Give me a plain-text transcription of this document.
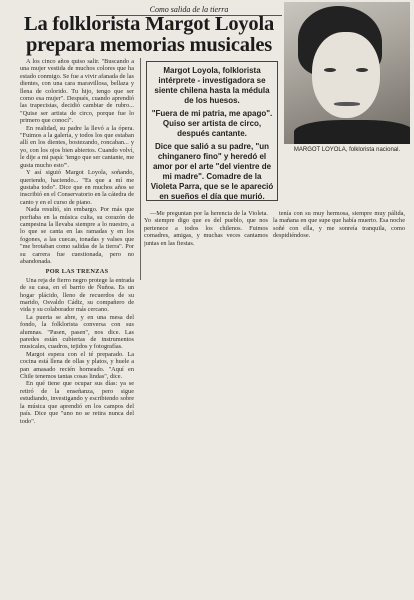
Como salida de la tierra
La folklorista Margot Loyola prepara memorias musicales
MARGOT LOYOLA, folklorista nacional.

A los cinco años quiso salir. "Buscando a una mujer vestida de muchos colores que ha estado conmigo. Se fue a vivir afanada de las dientes, con una cara maravillosa, bellaza y llena de colorido. Tu hijo, tengo que ser como esa mujer". Después, cuando aprendió las trapecistas, decidió cambiar de rubro... "Quise ser artista de circo, porque fue lo primero que conocí".

En realidad, su padre la llevó a la ópera. "Fuimos a la galería, y todos los que estaban allí en los dientes, bostezando, roncaban... y yo, con los ojos bien abiertos. Cuando volví, le dije a mi papá: 'tengo que ser cantante, me gusta mucho esto'".

Y así siguió Margot Loyola, soñando, queriendo, haciendo... "Es que a mí me gustaba todo". Dice que en muchos años se inscribió en el Conservatorio en la cátedra de canto y en el curso de piano.

Nada resultó, sin embargo. Por más que porfiaba en la música culta, su corazón de campesina la llevaba siempre a lo nuestro, a lo que se canta en las ramadas y en los fogones, a las cuecas, tonadas y valses que "me brotaban como salidas de la tierra". Por su carrera fue cuestionada, pero no abandonada.

POR LAS TRENZAS

Una reja de fierro negro protege la entrada de su casa, en el barrio de Ñuñoa. Es un hogar plácido, lleno de recuerdos de su marido, Osvaldo Cádiz, su compañero de vida y su colaborador más cercano.

La puerta se abre, y en una mesa del fondo, la folklorista conversa con sus alumnas. "Pasen, pasen", nos dice. Las paredes están cubiertas de instrumentos musicales, cuadros, tejidos y fotografías.

Margot espera con el té preparado. La cocina está llena de ollas y platos, y huele a pan amasado recién horneado. "Aquí en Chile tenemos tantas cosas lindas", dice.

En qué tiene que ocupar sus días: ya se retiró de la enseñanza, pero sigue estudiando, investigando y escribiendo sobre la música que aprendió en los campos del país. Dice que "uno no se retira nunca del todo".

Margot Loyola, folklorista intérprete - investigadora se siente chilena hasta la médula de los huesos.

"Fuera de mi patria, me apago". Quiso ser artista de circo, después cantante.

Dice que salió a su padre, "un chinganero fino" y heredó el amor por el arte "del vientre de mi madre". Comadre de la Violeta Parra, que se le apareció en sueños el día que murió.

—Me preguntan por la herencia de la Violeta. Yo siempre digo que es del pueblo, que nos pertenece a todos los chilenos. Fuimos comadres, amigas, y muchas veces cantamos juntas en las fiestas.

tenía con su muy hermosa, siempre muy pálida, la mañana en que supe que había muerto. Esa noche soñé con ella, y me sonreía tranquila, como despidiéndose.
